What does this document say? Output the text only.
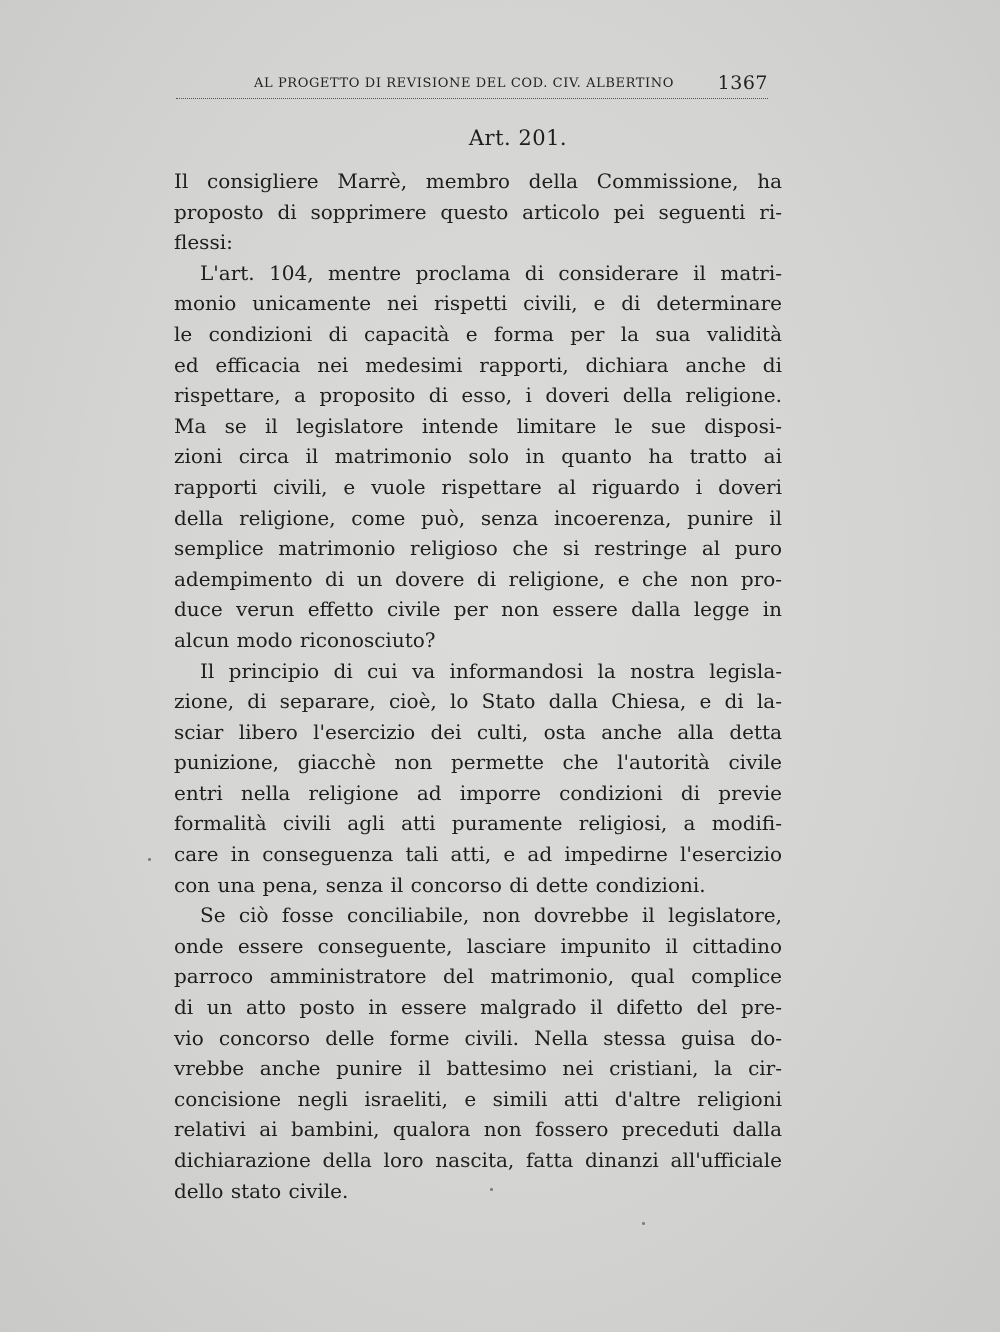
AL PROGETTO DI REVISIONE DEL COD. CIV. ALBERTINO 1367
Art. 201.
Il consigliere Marrè, membro della Commissione, ha
proposto di sopprimere questo articolo pei seguenti ri-
flessi:
L'art. 104, mentre proclama di considerare il matri-
monio unicamente nei rispetti civili, e di determinare
le condizioni di capacità e forma per la sua validità
ed efficacia nei medesimi rapporti, dichiara anche di
rispettare, a proposito di esso, i doveri della religione.
Ma se il legislatore intende limitare le sue disposi-
zioni circa il matrimonio solo in quanto ha tratto ai
rapporti civili, e vuole rispettare al riguardo i doveri
della religione, come può, senza incoerenza, punire il
semplice matrimonio religioso che si restringe al puro
adempimento di un dovere di religione, e che non pro-
duce verun effetto civile per non essere dalla legge in
alcun modo riconosciuto?
Il principio di cui va informandosi la nostra legisla-
zione, di separare, cioè, lo Stato dalla Chiesa, e di la-
sciar libero l'esercizio dei culti, osta anche alla detta
punizione, giacchè non permette che l'autorità civile
entri nella religione ad imporre condizioni di previe
formalità civili agli atti puramente religiosi, a modifi-
care in conseguenza tali atti, e ad impedirne l'esercizio
con una pena, senza il concorso di dette condizioni.
Se ciò fosse conciliabile, non dovrebbe il legislatore,
onde essere conseguente, lasciare impunito il cittadino
parroco amministratore del matrimonio, qual complice
di un atto posto in essere malgrado il difetto del pre-
vio concorso delle forme civili. Nella stessa guisa do-
vrebbe anche punire il battesimo nei cristiani, la cir-
concisione negli israeliti, e simili atti d'altre religioni
relativi ai bambini, qualora non fossero preceduti dalla
dichiarazione della loro nascita, fatta dinanzi all'ufficiale
dello stato civile.
